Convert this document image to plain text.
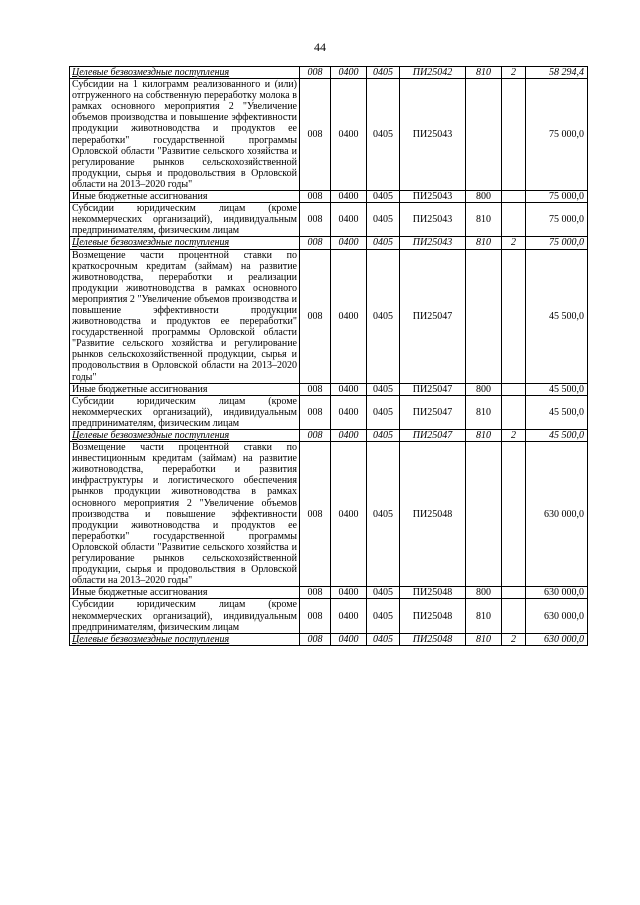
44
Целевые безвозмездные поступления	008	0400	0405	ПИ25042	810	2	58 294,4
Субсидии на 1 килограмм реализованного и (или) отгруженного на собственную переработку молока в рамках основного мероприятия 2 "Увеличение объемов производства и повышение эффективности продукции животноводства и продуктов ее переработки" государственной программы Орловской области "Развитие сельского хозяйства и регулирование рынков сельскохозяйственной продукции, сырья и продовольствия в Орловской области на 2013–2020 годы"	008	0400	0405	ПИ25043			75 000,0
Иные бюджетные ассигнования	008	0400	0405	ПИ25043	800		75 000,0
Субсидии юридическим лицам (кроме некоммерческих организаций), индивидуальным предпринимателям, физическим лицам	008	0400	0405	ПИ25043	810		75 000,0
Целевые безвозмездные поступления	008	0400	0405	ПИ25043	810	2	75 000,0
Возмещение части процентной ставки по краткосрочным кредитам (займам) на развитие животноводства, переработки и реализации продукции животноводства в рамках основного мероприятия 2 "Увеличение объемов производства и повышение эффективности продукции животноводства и продуктов ее переработки" государственной программы Орловской области "Развитие сельского хозяйства и регулирование рынков сельскохозяйственной продукции, сырья и продовольствия в Орловской области на 2013–2020 годы"	008	0400	0405	ПИ25047			45 500,0
Иные бюджетные ассигнования	008	0400	0405	ПИ25047	800		45 500,0
Субсидии юридическим лицам (кроме некоммерческих организаций), индивидуальным предпринимателям, физическим лицам	008	0400	0405	ПИ25047	810		45 500,0
Целевые безвозмездные поступления	008	0400	0405	ПИ25047	810	2	45 500,0
Возмещение части процентной ставки по инвестиционным кредитам (займам) на развитие животноводства, переработки и развития инфраструктуры и логистического обеспечения рынков продукции животноводства в рамках основного мероприятия 2 "Увеличение объемов производства и повышение эффективности продукции животноводства и продуктов ее переработки" государственной программы Орловской области "Развитие сельского хозяйства и регулирование рынков сельскохозяйственной продукции, сырья и продовольствия в Орловской области на 2013–2020 годы"	008	0400	0405	ПИ25048			630 000,0
Иные бюджетные ассигнования	008	0400	0405	ПИ25048	800		630 000,0
Субсидии юридическим лицам (кроме некоммерческих организаций), индивидуальным предпринимателям, физическим лицам	008	0400	0405	ПИ25048	810		630 000,0
Целевые безвозмездные поступления	008	0400	0405	ПИ25048	810	2	630 000,0
